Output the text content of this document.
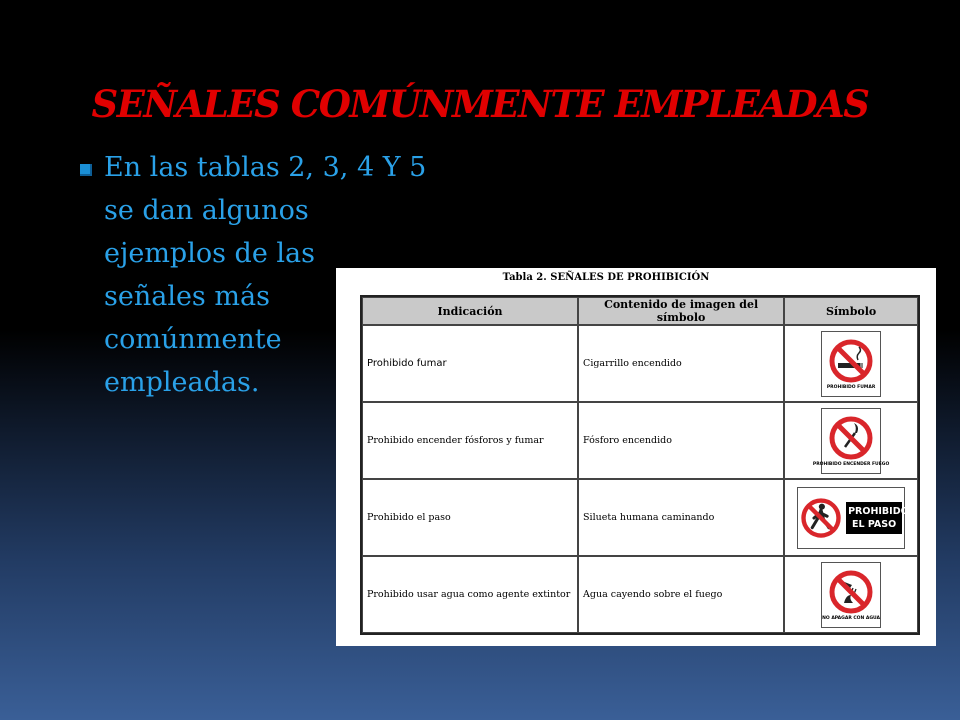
SEÑALES COMÚNMENTE EMPLEADAS

En las tablas 2, 3, 4 Y 5
se dan algunos
ejemplos de las
señales más
comúnmente
empleadas.

Tabla 2. SEÑALES DE PROHIBICIÓN
Indicación	Contenido de imagen del símbolo	Símbolo
Prohibido fumar	Cigarrillo encendido	PROHIBIDO FUMAR

Prohibido encender fósforos y fumar	Fósforo encendido	PROHIBIDO ENCENDER FUEGO

Prohibido el paso	Silueta humana caminando	PROHIBIDO
EL PASO

Prohibido usar agua como agente extintor	Agua cayendo sobre el fuego	NO APAGAR CON AGUA
